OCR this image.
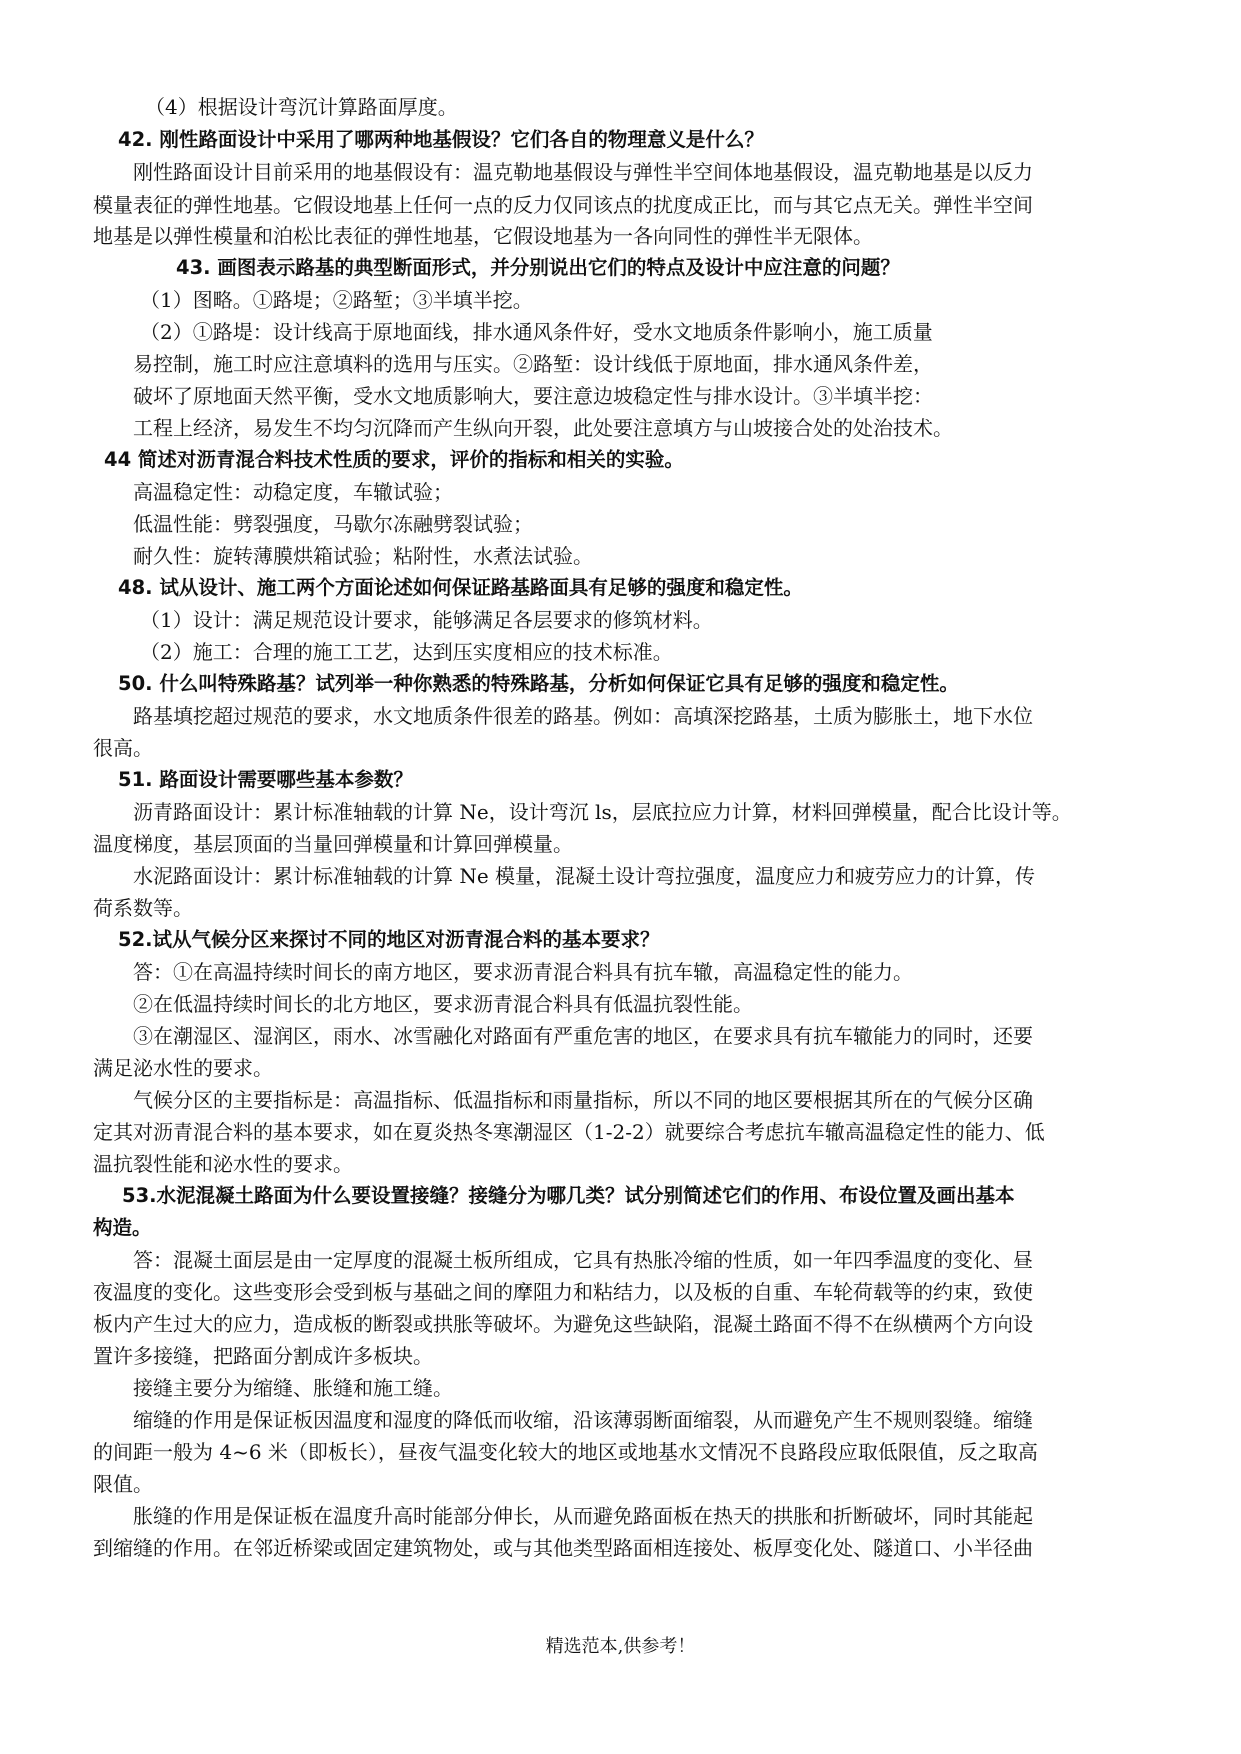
（4）根据设计弯沉计算路面厚度。
42. 刚性路面设计中采用了哪两种地基假设？它们各自的物理意义是什么？
刚性路面设计目前采用的地基假设有：温克勒地基假设与弹性半空间体地基假设，温克勒地基是以反力
模量表征的弹性地基。它假设地基上任何一点的反力仅同该点的扰度成正比，而与其它点无关。弹性半空间
地基是以弹性模量和泊松比表征的弹性地基，它假设地基为一各向同性的弹性半无限体。
43. 画图表示路基的典型断面形式，并分别说出它们的特点及设计中应注意的问题？
（1）图略。①路堤；②路堑；③半填半挖。
（2）①路堤：设计线高于原地面线，排水通风条件好，受水文地质条件影响小，施工质量
易控制，施工时应注意填料的选用与压实。②路堑：设计线低于原地面，排水通风条件差，
破坏了原地面天然平衡，受水文地质影响大，要注意边坡稳定性与排水设计。③半填半挖：
工程上经济，易发生不均匀沉降而产生纵向开裂，此处要注意填方与山坡接合处的处治技术。
44 简述对沥青混合料技术性质的要求，评价的指标和相关的实验。
高温稳定性：动稳定度，车辙试验；
低温性能：劈裂强度，马歇尔冻融劈裂试验；
耐久性：旋转薄膜烘箱试验；粘附性，水煮法试验。
48. 试从设计、施工两个方面论述如何保证路基路面具有足够的强度和稳定性。
（1）设计：满足规范设计要求，能够满足各层要求的修筑材料。
（2）施工：合理的施工工艺，达到压实度相应的技术标准。
50. 什么叫特殊路基？试列举一种你熟悉的特殊路基，分析如何保证它具有足够的强度和稳定性。
路基填挖超过规范的要求，水文地质条件很差的路基。例如：高填深挖路基，土质为膨胀土，地下水位
很高。
51. 路面设计需要哪些基本参数？
沥青路面设计：累计标准轴载的计算 Ne，设计弯沉 ls，层底拉应力计算，材料回弹模量，配合比设计等。
温度梯度，基层顶面的当量回弹模量和计算回弹模量。
水泥路面设计：累计标准轴载的计算 Ne 模量，混凝土设计弯拉强度，温度应力和疲劳应力的计算，传
荷系数等。
52.试从气候分区来探讨不同的地区对沥青混合料的基本要求？
答：①在高温持续时间长的南方地区，要求沥青混合料具有抗车辙，高温稳定性的能力。
②在低温持续时间长的北方地区，要求沥青混合料具有低温抗裂性能。
③在潮湿区、湿润区，雨水、冰雪融化对路面有严重危害的地区，在要求具有抗车辙能力的同时，还要
满足泌水性的要求。
气候分区的主要指标是：高温指标、低温指标和雨量指标，所以不同的地区要根据其所在的气候分区确
定其对沥青混合料的基本要求，如在夏炎热冬寒潮湿区（1-2-2）就要综合考虑抗车辙高温稳定性的能力、低
温抗裂性能和泌水性的要求。
53.水泥混凝土路面为什么要设置接缝？接缝分为哪几类？试分别简述它们的作用、布设位置及画出基本
构造。
答：混凝土面层是由一定厚度的混凝土板所组成，它具有热胀冷缩的性质，如一年四季温度的变化、昼
夜温度的变化。这些变形会受到板与基础之间的摩阻力和粘结力，以及板的自重、车轮荷载等的约束，致使
板内产生过大的应力，造成板的断裂或拱胀等破坏。为避免这些缺陷，混凝土路面不得不在纵横两个方向设
置许多接缝，把路面分割成许多板块。
接缝主要分为缩缝、胀缝和施工缝。
缩缝的作用是保证板因温度和湿度的降低而收缩，沿该薄弱断面缩裂，从而避免产生不规则裂缝。缩缝
的间距一般为 4~6 米（即板长），昼夜气温变化较大的地区或地基水文情况不良路段应取低限值，反之取高
限值。
胀缝的作用是保证板在温度升高时能部分伸长，从而避免路面板在热天的拱胀和折断破坏，同时其能起
到缩缝的作用。在邻近桥梁或固定建筑物处，或与其他类型路面相连接处、板厚变化处、隧道口、小半径曲
精选范本,供参考！
